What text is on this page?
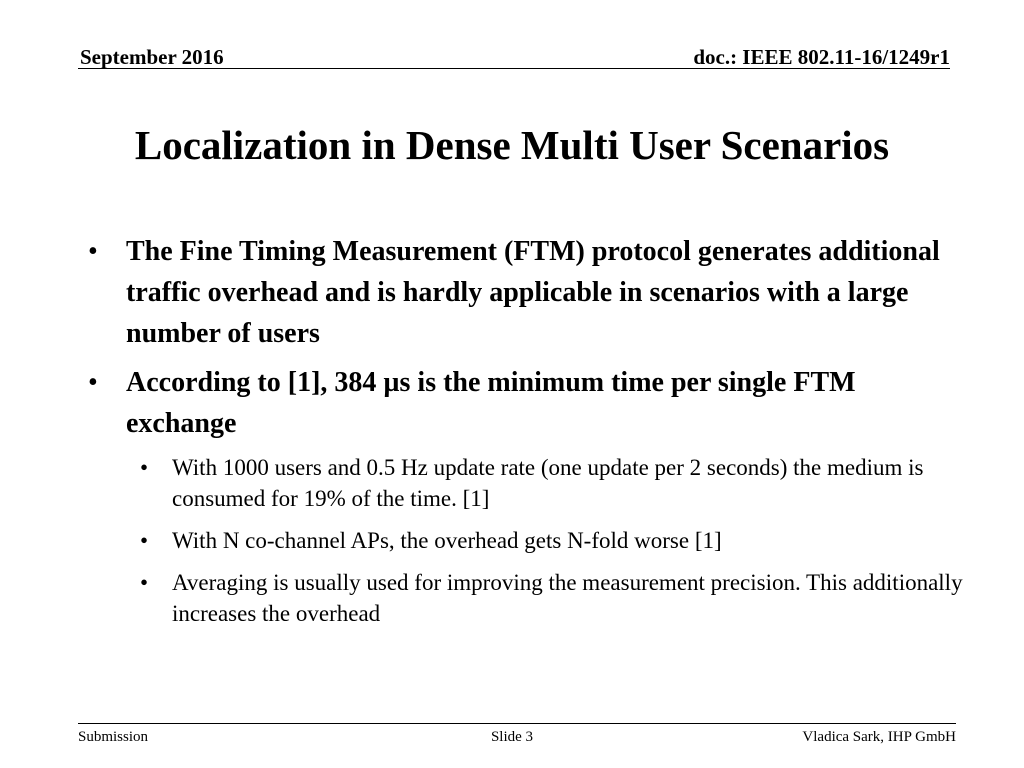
September 2016	doc.: IEEE 802.11-16/1249r1
Localization in Dense Multi User Scenarios
• The Fine Timing Measurement (FTM) protocol generates additional traffic overhead and is hardly applicable in scenarios with a large number of users
• According to [1], 384 µs is the minimum time per single FTM exchange
• With 1000 users and 0.5 Hz update rate (one update per 2 seconds) the medium is consumed for 19% of the time. [1]
• With N co-channel APs, the overhead gets N-fold worse [1]
• Averaging is usually used for improving the measurement precision. This additionally increases the overhead
Submission	Slide 3	Vladica Sark, IHP GmbH
